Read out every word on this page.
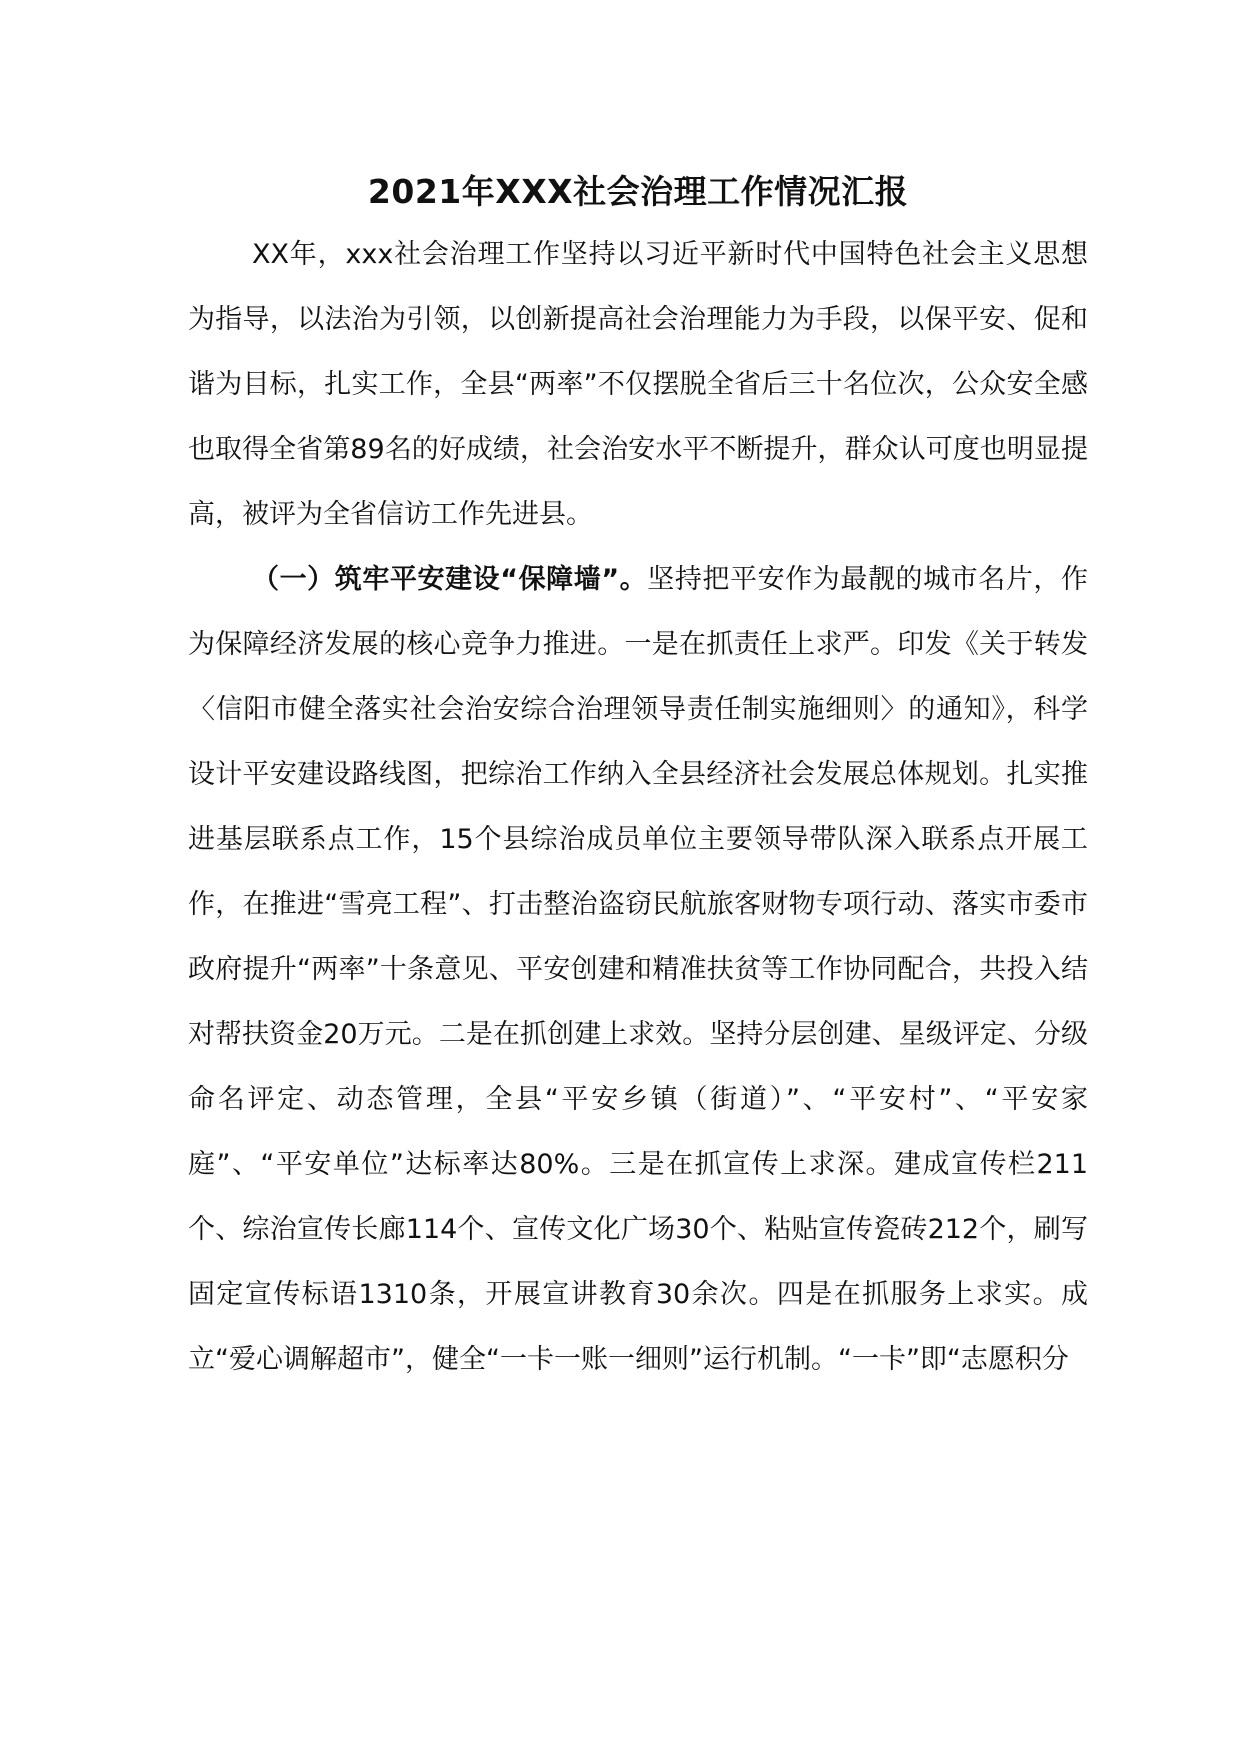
2021年XXX社会治理工作情况汇报

XX年，xxx社会治理工作坚持以习近平新时代中国特色社会主义思想为指导，以法治为引领，以创新提高社会治理能力为手段，以保平安、促和谐为目标，扎实工作，全县“两率”不仅摆脱全省后三十名位次，公众安全感也取得全省第89名的好成绩，社会治安水平不断提升，群众认可度也明显提高，被评为全省信访工作先进县。

（一）筑牢平安建设“保障墙”。坚持把平安作为最靓的城市名片，作为保障经济发展的核心竞争力推进。一是在抓责任上求严。印发《关于转发〈信阳市健全落实社会治安综合治理领导责任制实施细则〉的通知》，科学设计平安建设路线图，把综治工作纳入全县经济社会发展总体规划。扎实推进基层联系点工作，15个县综治成员单位主要领导带队深入联系点开展工作，在推进“雪亮工程”、打击整治盗窃民航旅客财物专项行动、落实市委市政府提升“两率”十条意见、平安创建和精准扶贫等工作协同配合，共投入结对帮扶资金20万元。二是在抓创建上求效。坚持分层创建、星级评定、分级命名评定、动态管理，全县“平安乡镇（街道）”、“平安村”、“平安家庭”、“平安单位”达标率达80%。三是在抓宣传上求深。建成宣传栏211个、综治宣传长廊114个、宣传文化广场30个、粘贴宣传瓷砖212个，刷写固定宣传标语1310条，开展宣讲教育30余次。四是在抓服务上求实。成立“爱心调解超市”，健全“一卡一账一细则”运行机制。“一卡”即“志愿积分
